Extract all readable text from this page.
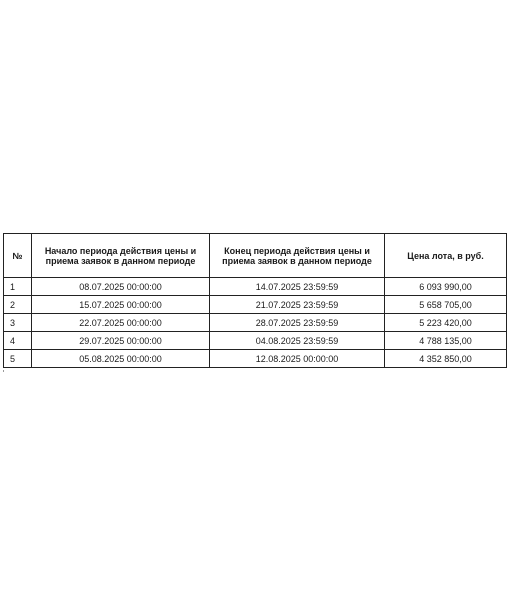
№	Начало периода действия цены и приема заявок в данном периоде	Конец периода действия цены и приема заявок в данном периоде	Цена лота, в руб.
1	08.07.2025 00:00:00	14.07.2025 23:59:59	6 093 990,00
2	15.07.2025 00:00:00	21.07.2025 23:59:59	5 658 705,00
3	22.07.2025 00:00:00	28.07.2025 23:59:59	5 223 420,00
4	29.07.2025 00:00:00	04.08.2025 23:59:59	4 788 135,00
5	05.08.2025 00:00:00	12.08.2025 00:00:00	4 352 850,00
